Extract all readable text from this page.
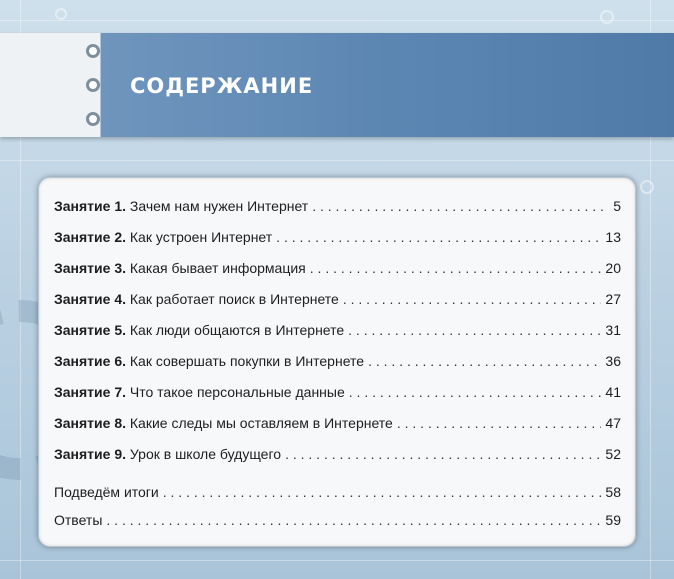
СОДЕРЖАНИЕ
Занятие 1. Зачем нам нужен Интернет . . .	5
Занятие 2. Как устроен Интернет . . .	13
Занятие 3. Какая бывает информация . . .	20
Занятие 4. Как работает поиск в Интернете . . .	27
Занятие 5. Как люди общаются в Интернете . . .	31
Занятие 6. Как совершать покупки в Интернете . . .	36
Занятие 7. Что такое персональные данные . . .	41
Занятие 8. Какие следы мы оставляем в Интернете . . .	47
Занятие 9. Урок в школе будущего . . .	52
Подведём итоги . . .	58
Ответы . . .	59
